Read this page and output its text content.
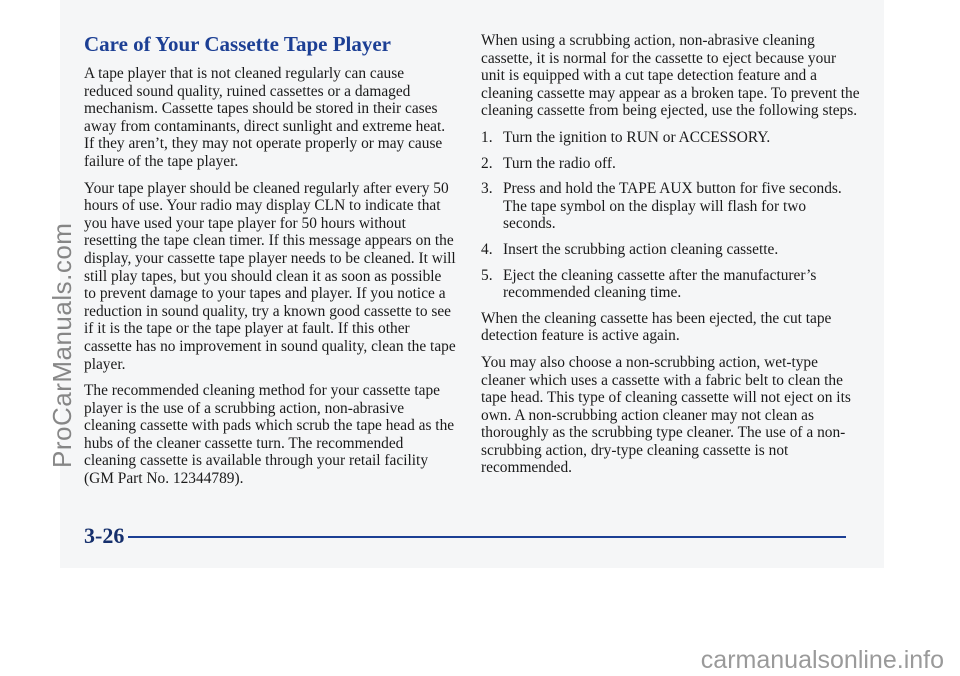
Care of Your Cassette Tape Player

A tape player that is not cleaned regularly can cause reduced sound quality, ruined cassettes or a damaged mechanism. Cassette tapes should be stored in their cases away from contaminants, direct sunlight and extreme heat. If they aren’t, they may not operate properly or may cause failure of the tape player.

Your tape player should be cleaned regularly after every 50 hours of use. Your radio may display CLN to indicate that you have used your tape player for 50 hours without resetting the tape clean timer. If this message appears on the display, your cassette tape player needs to be cleaned. It will still play tapes, but you should clean it as soon as possible to prevent damage to your tapes and player. If you notice a reduction in sound quality, try a known good cassette to see if it is the tape or the tape player at fault. If this other cassette has no improvement in sound quality, clean the tape player.

The recommended cleaning method for your cassette tape player is the use of a scrubbing action, non-abrasive cleaning cassette with pads which scrub the tape head as the hubs of the cleaner cassette turn. The recommended cleaning cassette is available through your retail facility (GM Part No. 12344789).

When using a scrubbing action, non-abrasive cleaning cassette, it is normal for the cassette to eject because your unit is equipped with a cut tape detection feature and a cleaning cassette may appear as a broken tape. To prevent the cleaning cassette from being ejected, use the following steps.

1. Turn the ignition to RUN or ACCESSORY.
2. Turn the radio off.
3. Press and hold the TAPE AUX button for five seconds. The tape symbol on the display will flash for two seconds.
4. Insert the scrubbing action cleaning cassette.
5. Eject the cleaning cassette after the manufacturer’s recommended cleaning time.

When the cleaning cassette has been ejected, the cut tape detection feature is active again.

You may also choose a non-scrubbing action, wet-type cleaner which uses a cassette with a fabric belt to clean the tape head. This type of cleaning cassette will not eject on its own. A non-scrubbing action cleaner may not clean as thoroughly as the scrubbing type cleaner. The use of a non-scrubbing action, dry-type cleaning cassette is not recommended.

3-26
ProCarManuals.com
carmanualsonline.info
